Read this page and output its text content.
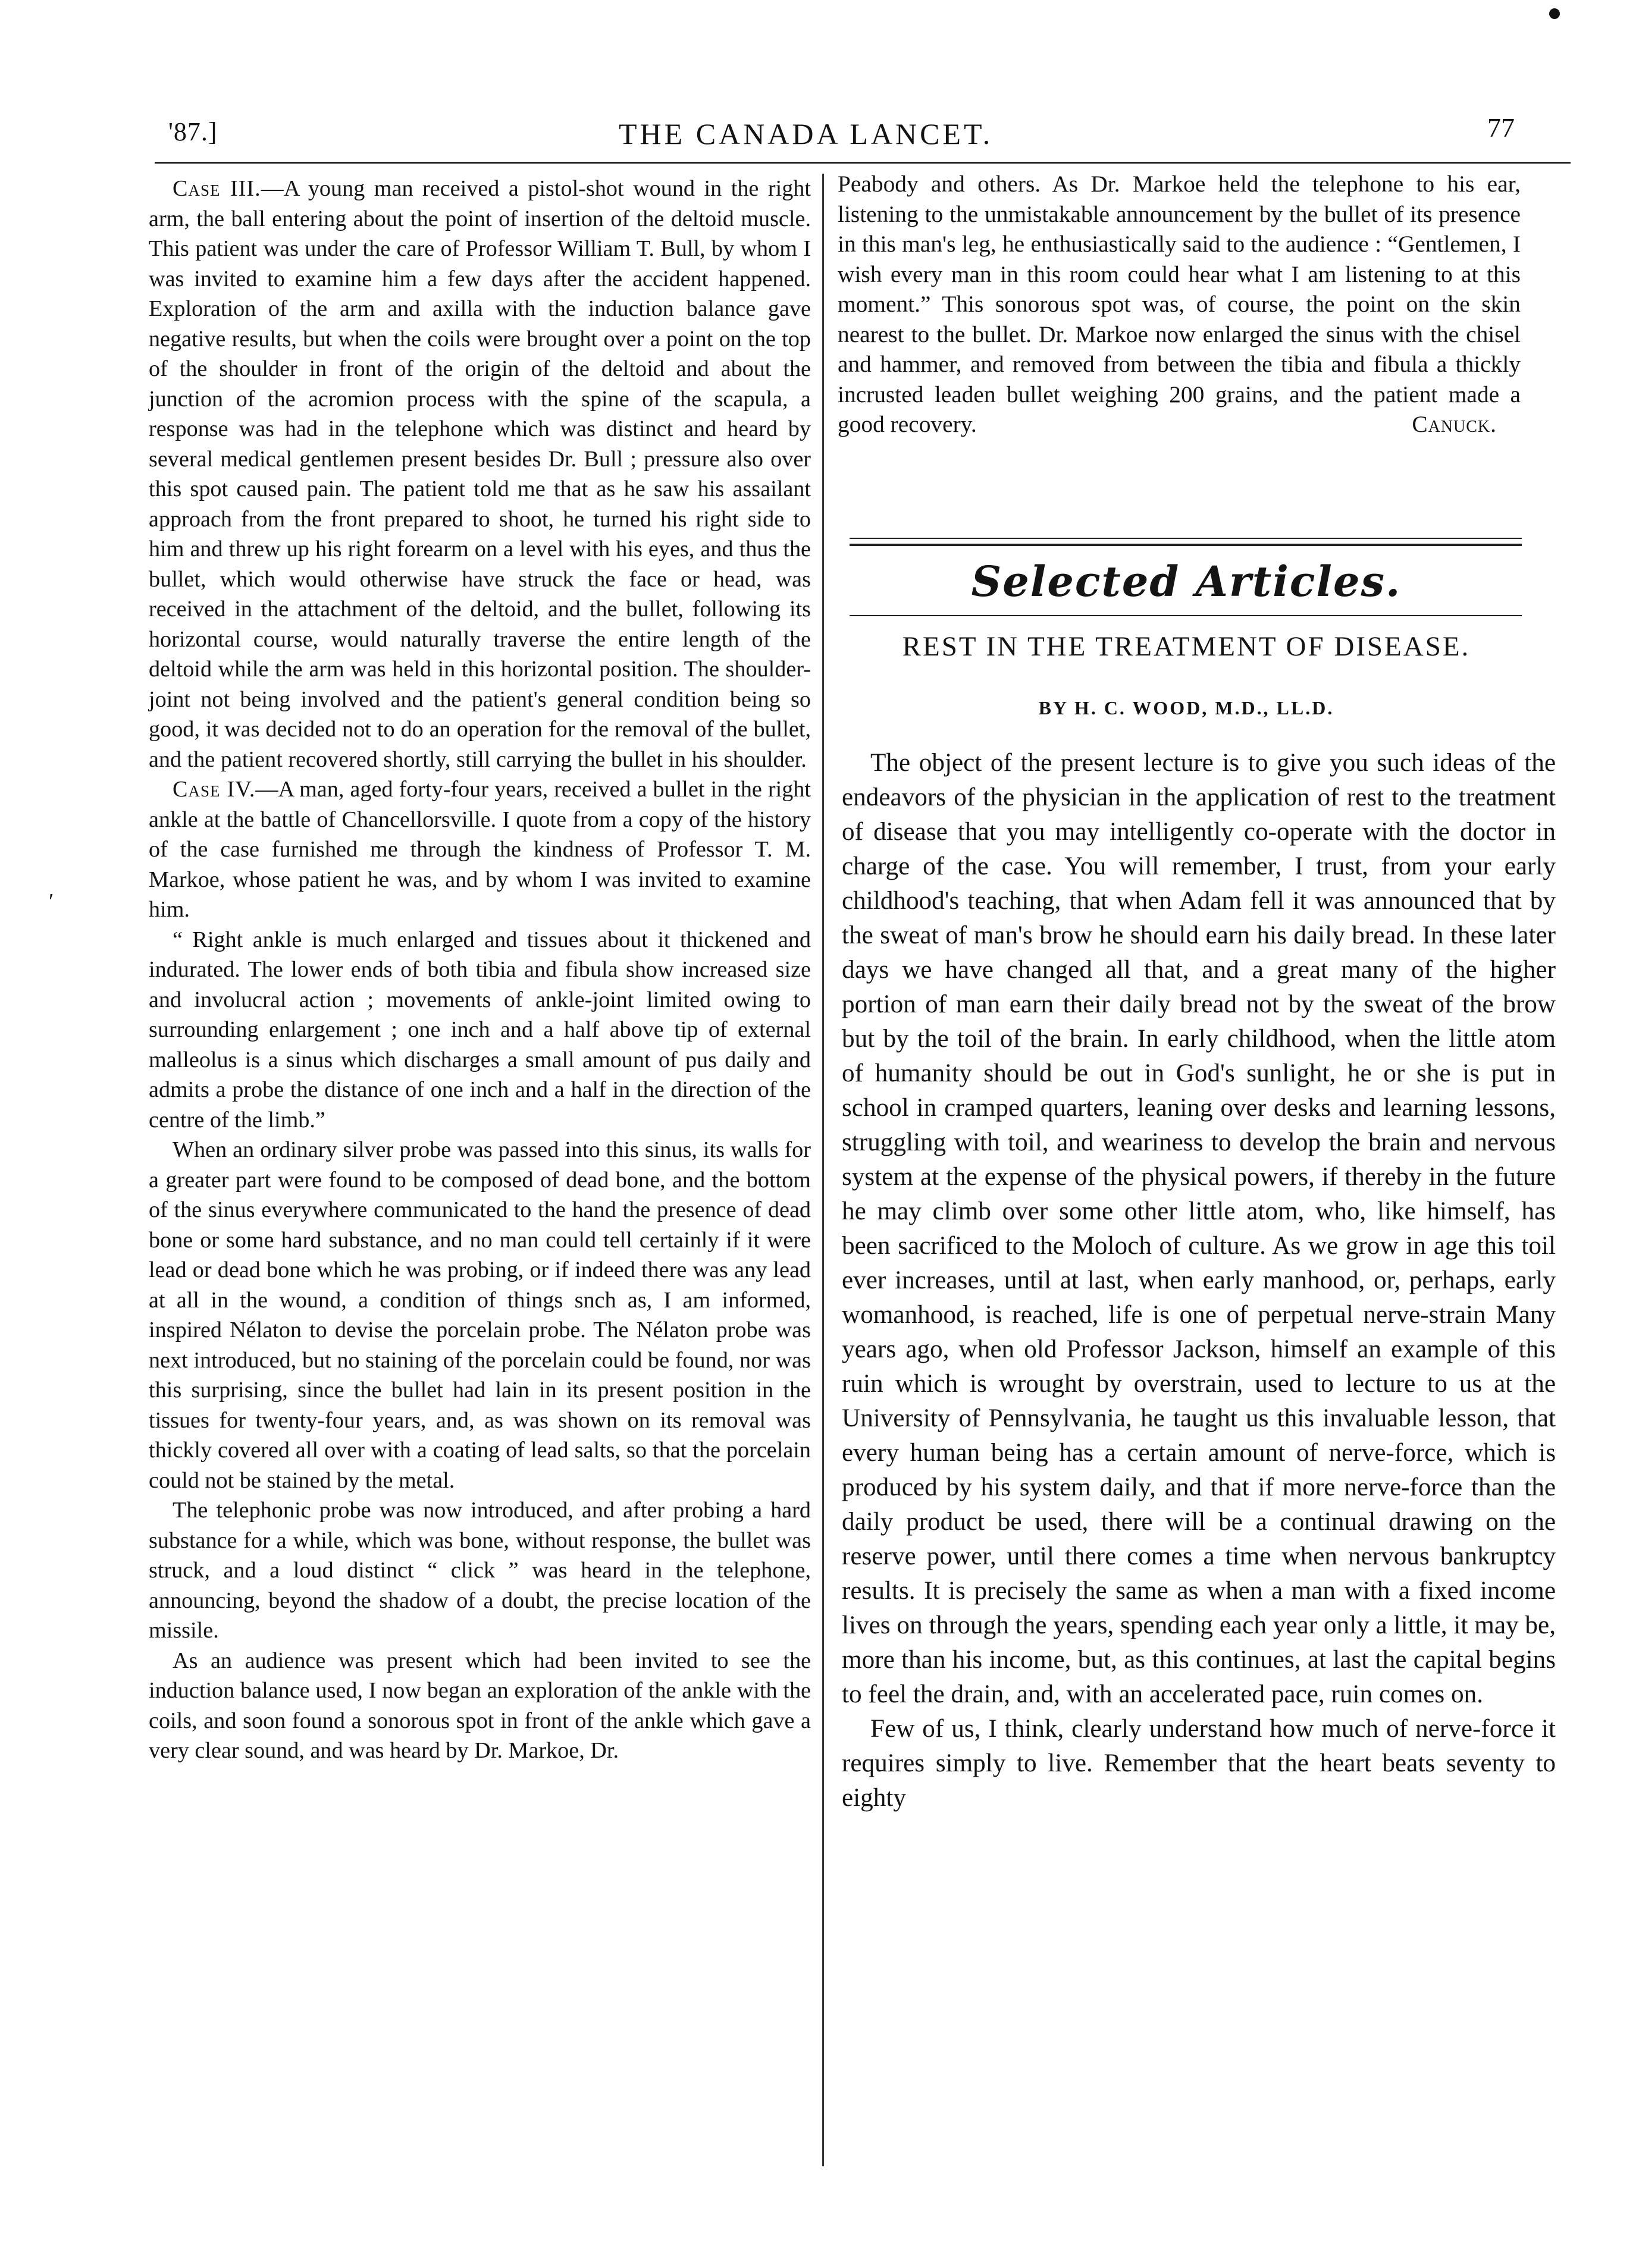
ʹ
'87.]	THE CANADA LANCET.	77

Case III.—A young man received a pistol-shot wound in the right arm, the ball entering about the point of insertion of the deltoid muscle. This patient was under the care of Professor William T. Bull, by whom I was invited to examine him a few days after the accident happened. Exploration of the arm and axilla with the induction balance gave negative results, but when the coils were brought over a point on the top of the shoulder in front of the origin of the deltoid and about the junction of the acromion process with the spine of the scapula, a response was had in the telephone which was distinct and heard by several medical gentlemen present besides Dr. Bull ; pressure also over this spot caused pain. The patient told me that as he saw his assailant approach from the front prepared to shoot, he turned his right side to him and threw up his right forearm on a level with his eyes, and thus the bullet, which would otherwise have struck the face or head, was received in the attachment of the deltoid, and the bullet, following its horizontal course, would naturally traverse the entire length of the deltoid while the arm was held in this horizontal position. The shoulder-joint not being involved and the patient's general condition being so good, it was decided not to do an operation for the removal of the bullet, and the patient recovered shortly, still carrying the bullet in his shoulder.

Case IV.—A man, aged forty-four years, received a bullet in the right ankle at the battle of Chancellorsville. I quote from a copy of the history of the case furnished me through the kindness of Professor T. M. Markoe, whose patient he was, and by whom I was invited to examine him.

“ Right ankle is much enlarged and tissues about it thickened and indurated. The lower ends of both tibia and fibula show increased size and involucral action ; movements of ankle-joint limited owing to surrounding enlargement ; one inch and a half above tip of external malleolus is a sinus which discharges a small amount of pus daily and admits a probe the distance of one inch and a half in the direction of the centre of the limb.”

When an ordinary silver probe was passed into this sinus, its walls for a greater part were found to be composed of dead bone, and the bottom of the sinus everywhere communicated to the hand the presence of dead bone or some hard substance, and no man could tell certainly if it were lead or dead bone which he was probing, or if indeed there was any lead at all in the wound, a condition of things snch as, I am informed, inspired Nélaton to devise the porcelain probe. The Nélaton probe was next introduced, but no staining of the porcelain could be found, nor was this surprising, since the bullet had lain in its present position in the tissues for twenty-four years, and, as was shown on its removal was thickly covered all over with a coating of lead salts, so that the porcelain could not be stained by the metal.

The telephonic probe was now introduced, and after probing a hard substance for a while, which was bone, without response, the bullet was struck, and a loud distinct “ click ” was heard in the telephone, announcing, beyond the shadow of a doubt, the precise location of the missile.

As an audience was present which had been invited to see the induction balance used, I now began an exploration of the ankle with the coils, and soon found a sonorous spot in front of the ankle which gave a very clear sound, and was heard by Dr. Markoe, Dr.

Peabody and others. As Dr. Markoe held the telephone to his ear, listening to the unmistakable announcement by the bullet of its presence in this man's leg, he enthusiastically said to the audience : “Gentlemen, I wish every man in this room could hear what I am listening to at this moment.” This sonorous spot was, of course, the point on the skin nearest to the bullet. Dr. Markoe now enlarged the sinus with the chisel and hammer, and removed from between the tibia and fibula a thickly incrusted leaden bullet weighing 200 grains, and the patient made a good recovery.	Canuck.

Selected Articles.
REST IN THE TREATMENT OF DISEASE.
BY H. C. WOOD, M.D., LL.D.

The object of the present lecture is to give you such ideas of the endeavors of the physician in the application of rest to the treatment of disease that you may intelligently co-operate with the doctor in charge of the case. You will remember, I trust, from your early childhood's teaching, that when Adam fell it was announced that by the sweat of man's brow he should earn his daily bread. In these later days we have changed all that, and a great many of the higher portion of man earn their daily bread not by the sweat of the brow but by the toil of the brain. In early childhood, when the little atom of humanity should be out in God's sunlight, he or she is put in school in cramped quarters, leaning over desks and learning lessons, struggling with toil, and weariness to develop the brain and nervous system at the expense of the physical powers, if thereby in the future he may climb over some other little atom, who, like himself, has been sacrificed to the Moloch of culture. As we grow in age this toil ever increases, until at last, when early manhood, or, perhaps, early womanhood, is reached, life is one of perpetual nerve-strain Many years ago, when old Professor Jackson, himself an example of this ruin which is wrought by overstrain, used to lecture to us at the University of Pennsylvania, he taught us this invaluable lesson, that every human being has a certain amount of nerve-force, which is produced by his system daily, and that if more nerve-force than the daily product be used, there will be a continual drawing on the reserve power, until there comes a time when nervous bankruptcy results. It is precisely the same as when a man with a fixed income lives on through the years, spending each year only a little, it may be, more than his income, but, as this continues, at last the capital begins to feel the drain, and, with an accelerated pace, ruin comes on.

Few of us, I think, clearly understand how much of nerve-force it requires simply to live. Remember that the heart beats seventy to eighty
